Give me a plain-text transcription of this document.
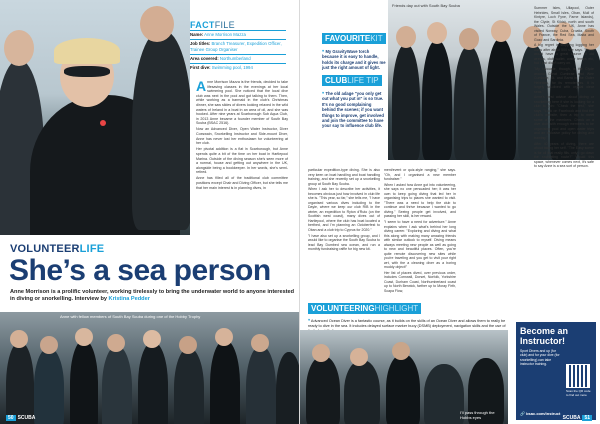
FACTFILE
Name: Anne Morrison Mazza
Job titles: Branch Treasurer, Expedition Officer, Trainee Group Organiser
Area covered: Northumberland
First dive: Swimming pool, 1994

Anne Morrison Mazza is the friends, decided to take lifesaving classes in the evenings at her local swimming pool. She noticed that the local dive club was next in the pool and got talking to them. Then, while working as a barmaid in the club's Christmas dinner, she saw slides of divers looking relaxed in the wild waters of Ireland in a boat in an area of oil, and she was hooked. After nine years at Scarborough Sub Aqua Club, in 2013 Anne became a founder member of South Bay Scuba (BSAC 2516).

Now an Advanced Diver, Open Water Instructor, Diver Coxswain, Snorkelling Instructor and Side-mount Diver, Anne has never lost her enthusiasm for volunteering at her club.

Her pivotal addition is a flat in Scarborough, but Anne spends quite a bit of the time on her boat in Hartlepool Marina. Outside of the diving season she's seen more of a normal, house and getting out anywhere in the UK, alongside being a bookkeeper. In her words, she's semi-retired.

Anne has filled all of the traditional club committee positions except Chair and Diving Officer, but she tells me that her main interest is in planning dives, in

VOLUNTEERLIFE
She’s a sea person
Anne Morrison is a prolific volunteer, working tirelessly to bring the underwater world to anyone interested in diving or snorkelling. Interview by Kristina Pedder
Anne with fellow members of South Bay Scuba during one of the Hobby Trophy
50 SCUBA
Friends day out with South Bay Scuba
FAVOURITEKIT
❝ My GravityWave torch because it is easy to handle, holds its charge and it gives me just the right amount of light.
CLUBLIFE TIP
❝ The old adage "you only get out what you put in" is so true. It's no good complaining behind the scenes; if you want things to improve, get involved and join the committee to have your say to influence club life.

particular expedition-type diving. She is also very keen on boat handling and boat handling training, and she recently set up a snorkelling group at South Bay Scuba.

When I ask her to describe her activities, it becomes obvious just how involved in club life she is. "This year, so far," she tells me, "I have organised various dives including to the Dayle, where we keep our club RIB in the winter, an expedition to Ryton d'Ruto (on the Scottish west coast), many dives out of Hartlepool, where the club has boat located a berthed, and I'm planning an Octoberfest to Oban and a club trip to Cyprus for 2020."

"I have also set up a snorkelling group, and I would like to organise the South Bay Scuba to lead Bay Dumbed sea ocean, and run a monthly fundraising raffle for big new kit.

ment/event or quiz-style ranging," she says. "Oh, and I organised a new member fundraiser."

When I asked how Anne got into volunteering, she says no one persuaded her; it was her own to keep going diving that led her in organising trips to places she wanted to visit. "There was a need to help the club to continue and thrive because I wanted to go diving." Seeing people get involved, and passing her skill, is her reward.

"I seem to have a need for adventure." Anne explains when I ask what's behind her long diving career. "Exploring and diving and what this along with making many amazing friends with similar outlook to myself. Diving means always meeting new people as well as going to new and beautiful places. Often, you're quite remote discovering new sites while you're traveling and you get to visit your right wrt, with the a cleaning diver as a boring muddy object!"

Her list of places dived, over previous order, includes Cornwall, Dorset, Norfolk, Yorkshire Coast, Durham Coast, Northumberland coast up to North Berwick, farther up to Moray Firth, Scapa Flow,

Summer Isles, Ullapool, Outer Hebrides, Small Isles, Oban, Mull of Kintyre, Loch Fyne, Farne Islands), the Clyde, St Kilda), north and south Wales. Outside the UK, Anne has visited Norway, Cuba, Croatia, South of France, the Red Sea, Malta and Gozo and Sardinia.

A big regret is stopping logging her dives after about 500 she says. "If you would have a great source of old wrecks, club wallet, water temps etc, but I just didn't carry on.

"My favourite, though, is the Clyde around Great Cumbrae and Wee Cumbrae, St. and Barra in the Outer Hebrides, for its remoteness. It is largely un-dived with crystal clear seas."

Anne's best advice about diving or snorkelling here if she is looking for a club to join: "Check the rest," she says. "Look on Facebook and find the club's website, then a trip to meet some of the members. Check on a dive club with enough members to be organising pool and open water trips and an inclusive policy for diving and training."

After 40 years of diving, there are about taking her self. "The Easy scene is for all that really fills, only I go down the snorkeling route?" Would this space, whenever comes next, it's safe to say Anne is a sea sort of person.

VOLUNTEERINGHIGHLIGHT
❝ Advanced Ocean Diver is a fantastic course, as it builds on the skills of an Ocean Diver and allows them to really be ready to dive in the sea. It includes delayed surface marker buoy (DSMB) deployment, navigation skills and the use of
I'll pass through the Hobbs eyes
Become an Instructor!
Sport Divers and up (for club) and for your dive (for snorkelling) can take instructor training.
Scan the QR code to find out more
🔗 bsac.com/instruct
SCUBA 51
